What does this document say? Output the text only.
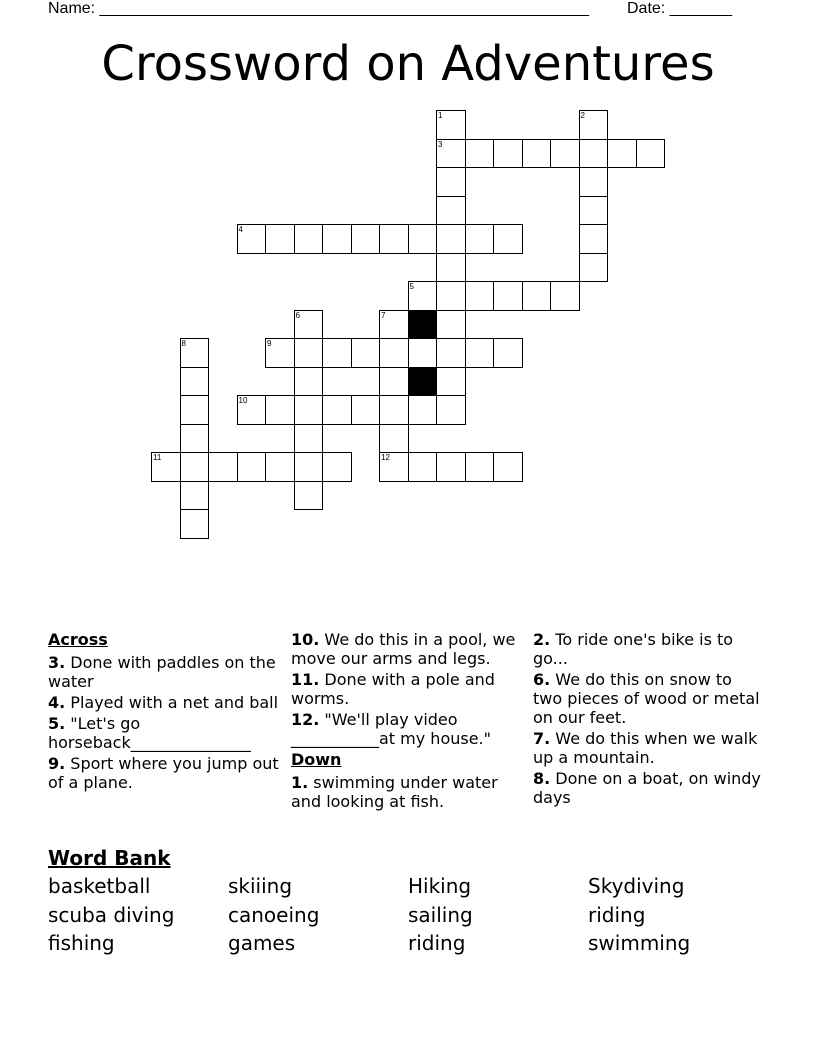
Name: _______________________________________________________ Date: _______
Crossword on Adventures
1	2
3
4
5
6	7
8	9
10
11	12
Across
3. Done with paddles on the water
4. Played with a net and ball
5. "Let's go horseback_______________
9. Sport where you jump out of a plane.
10. We do this in a pool, we move our arms and legs.
11. Done with a pole and worms.
12. "We'll play video ___________at my house."
Down
1. swimming under water and looking at fish.
2. To ride one's bike is to go...
6. We do this on snow to two pieces of wood or metal on our feet.
7. We do this when we walk up a mountain.
8. Done on a boat, on windy days
Word Bank
basketball	skiiing	Hiking	Skydiving
scuba diving	canoeing	sailing	riding
fishing	games	riding	swimming
